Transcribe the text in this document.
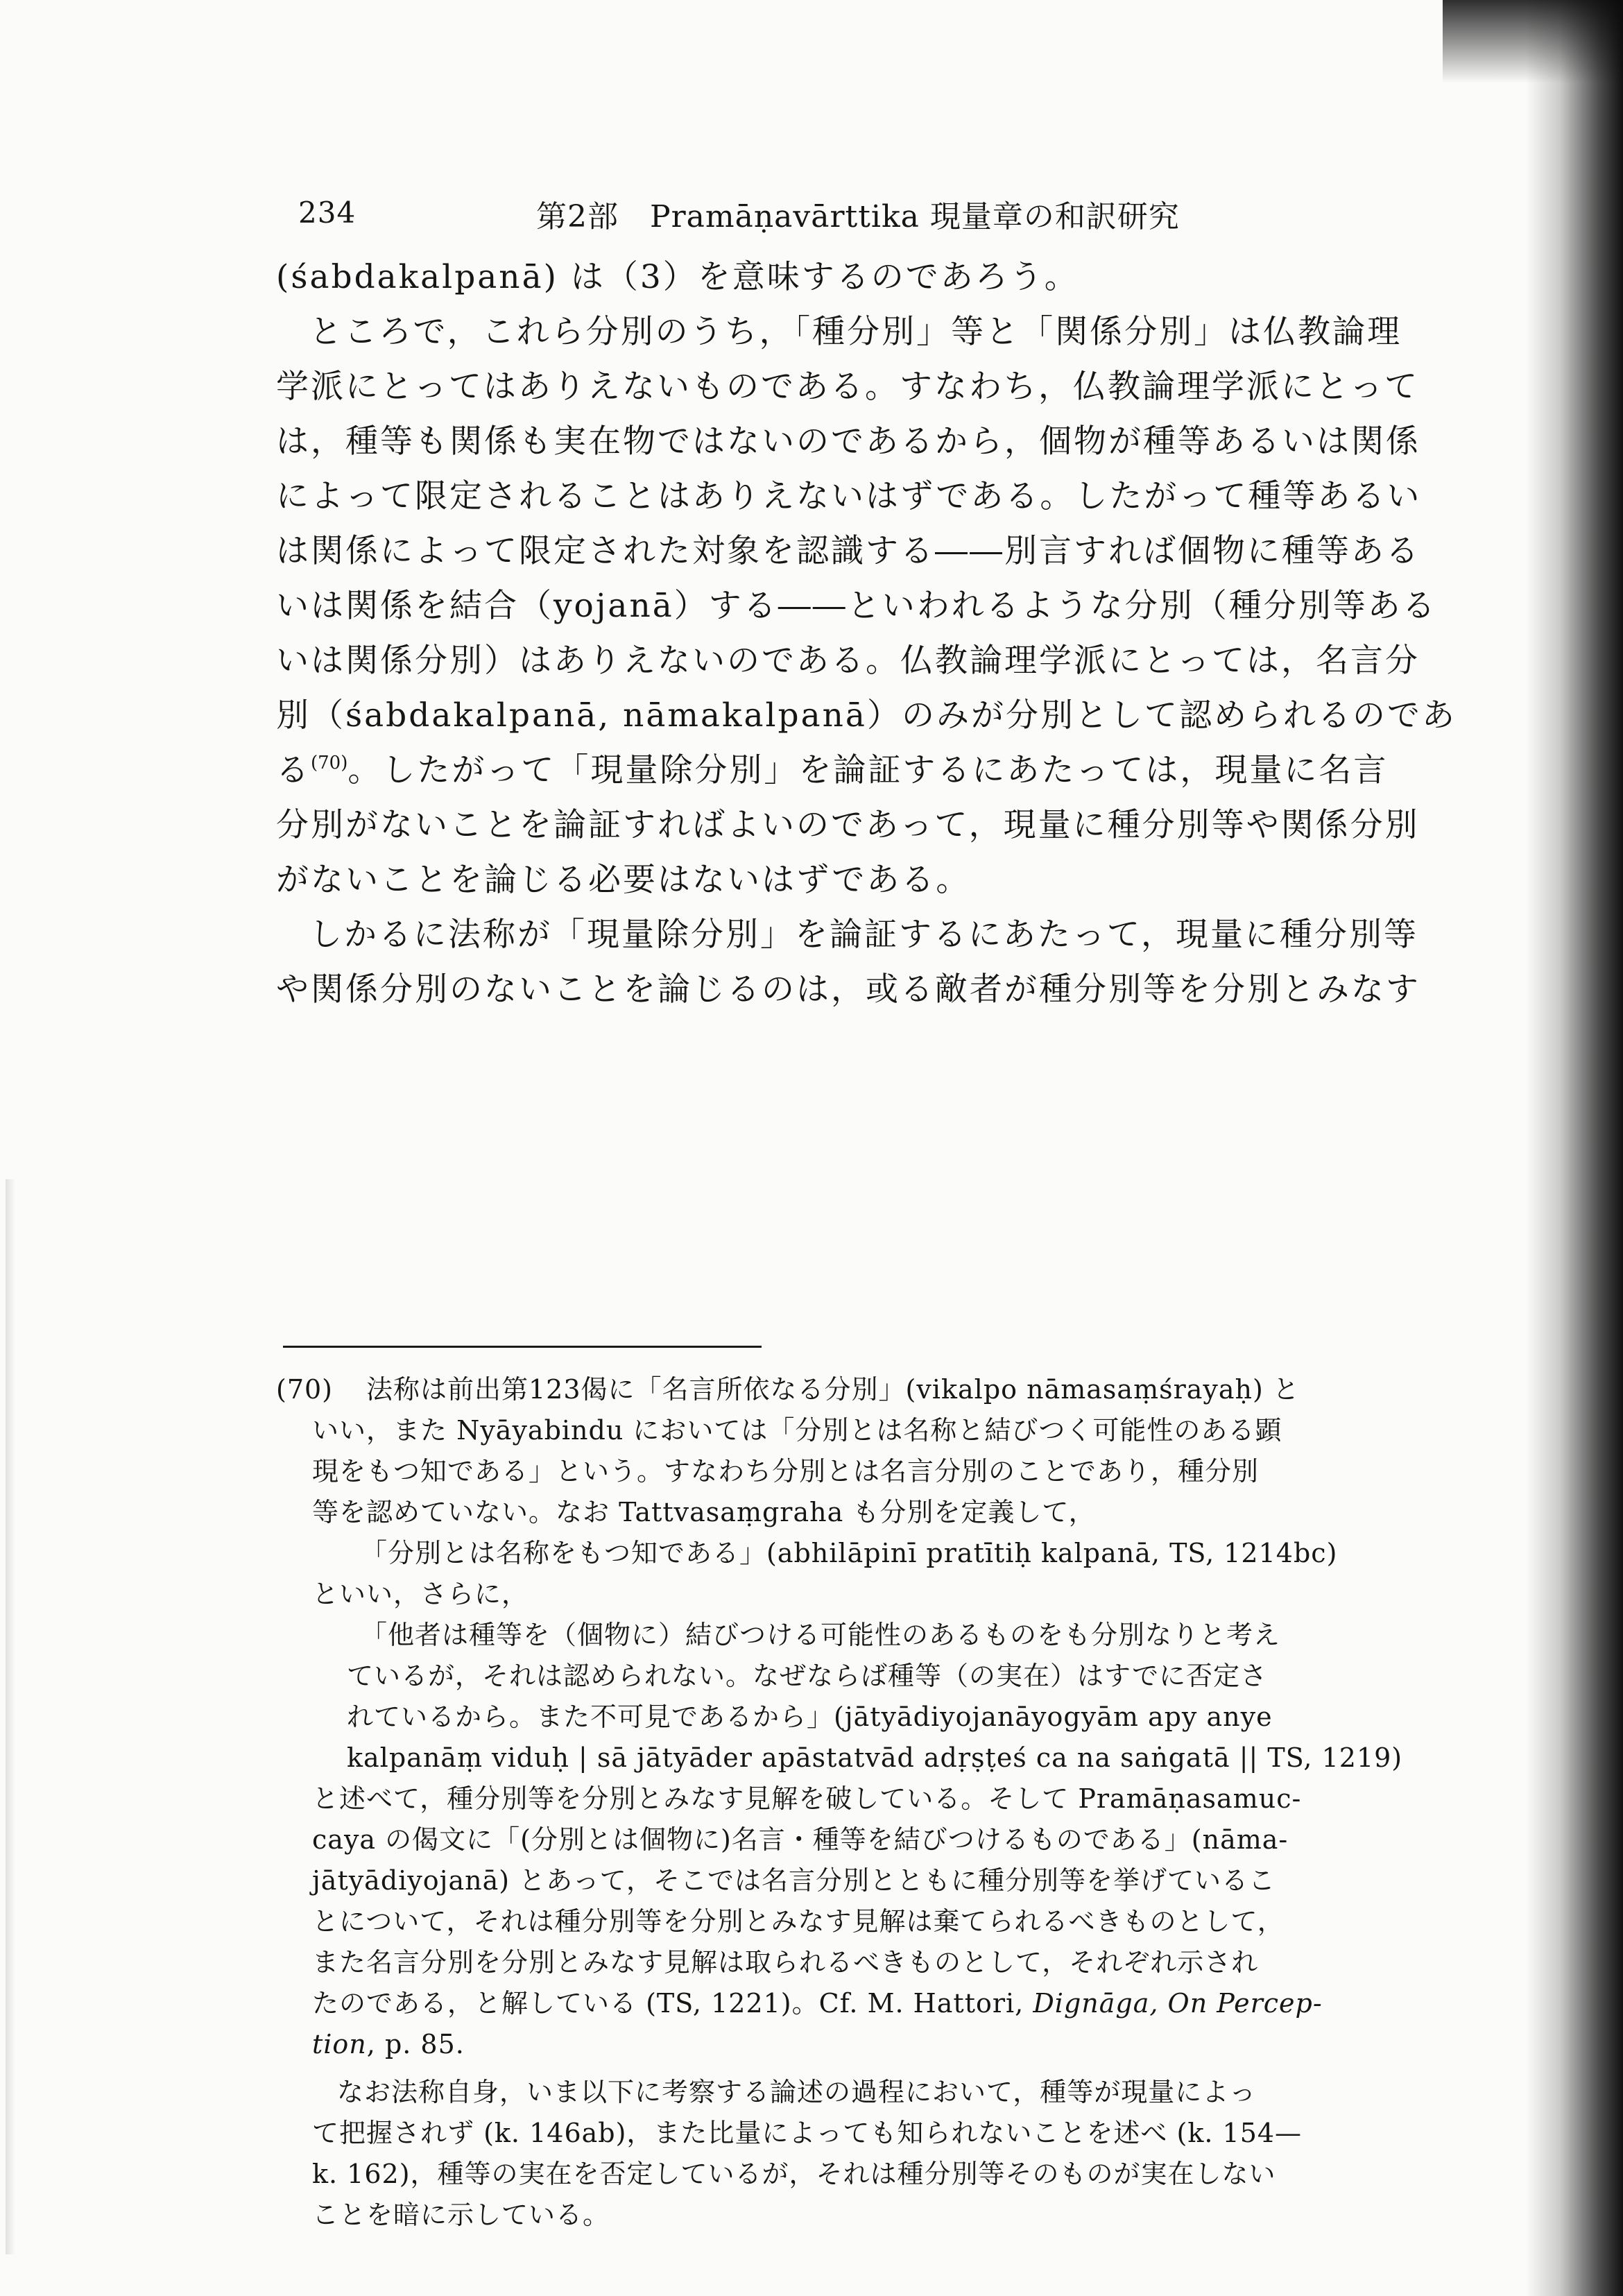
234	第2部　Pramāṇavārttika 現量章の和訳研究
(śabdakalpanā) は（3）を意味するのであろう。
ところで，これら分別のうち，「種分別」等と「関係分別」は仏教論理
学派にとってはありえないものである。すなわち，仏教論理学派にとって
は，種等も関係も実在物ではないのであるから，個物が種等あるいは関係
によって限定されることはありえないはずである。したがって種等あるい
は関係によって限定された対象を認識する――別言すれば個物に種等ある
いは関係を結合（yojanā）する――といわれるような分別（種分別等ある
いは関係分別）はありえないのである。仏教論理学派にとっては，名言分
別（śabdakalpanā, nāmakalpanā）のみが分別として認められるのであ
る$^{(70)}$。したがって「現量除分別」を論証するにあたっては，現量に名言
分別がないことを論証すればよいのであって，現量に種分別等や関係分別
がないことを論じる必要はないはずである。
しかるに法称が「現量除分別」を論証するにあたって，現量に種分別等
や関係分別のないことを論じるのは，或る敵者が種分別等を分別とみなす
(70) 法称は前出第123偈に「名言所依なる分別」(vikalpo nāmasaṃśrayaḥ) と
いい，また Nyāyabindu においては「分別とは名称と結びつく可能性のある顕
現をもつ知である」という。すなわち分別とは名言分別のことであり，種分別
等を認めていない。なお Tattvasaṃgraha も分別を定義して，
「分別とは名称をもつ知である」(abhilāpinī pratītiḥ kalpanā, TS, 1214bc)
といい，さらに，
「他者は種等を（個物に）結びつける可能性のあるものをも分別なりと考え
ているが，それは認められない。なぜならば種等（の実在）はすでに否定さ
れているから。また不可見であるから」(jātyādiyojanāyogyām apy anye
kalpanāṃ viduḥ | sā jātyāder apāstatvād adṛṣṭeś ca na saṅgatā || TS, 1219)
と述べて，種分別等を分別とみなす見解を破している。そして Pramāṇasamuc-
caya の偈文に「(分別とは個物に)名言・種等を結びつけるものである」(nāma-
jātyādiyojanā) とあって，そこでは名言分別とともに種分別等を挙げているこ
とについて，それは種分別等を分別とみなす見解は棄てられるべきものとして，
また名言分別を分別とみなす見解は取られるべきものとして，それぞれ示され
たのである，と解している (TS, 1221)。Cf. M. Hattori, Dignāga, On Percep-
tion, p. 85.
なお法称自身，いま以下に考察する論述の過程において，種等が現量によっ
て把握されず (k. 146ab)，また比量によっても知られないことを述べ (k. 154—
k. 162)，種等の実在を否定しているが，それは種分別等そのものが実在しない
ことを暗に示している。
